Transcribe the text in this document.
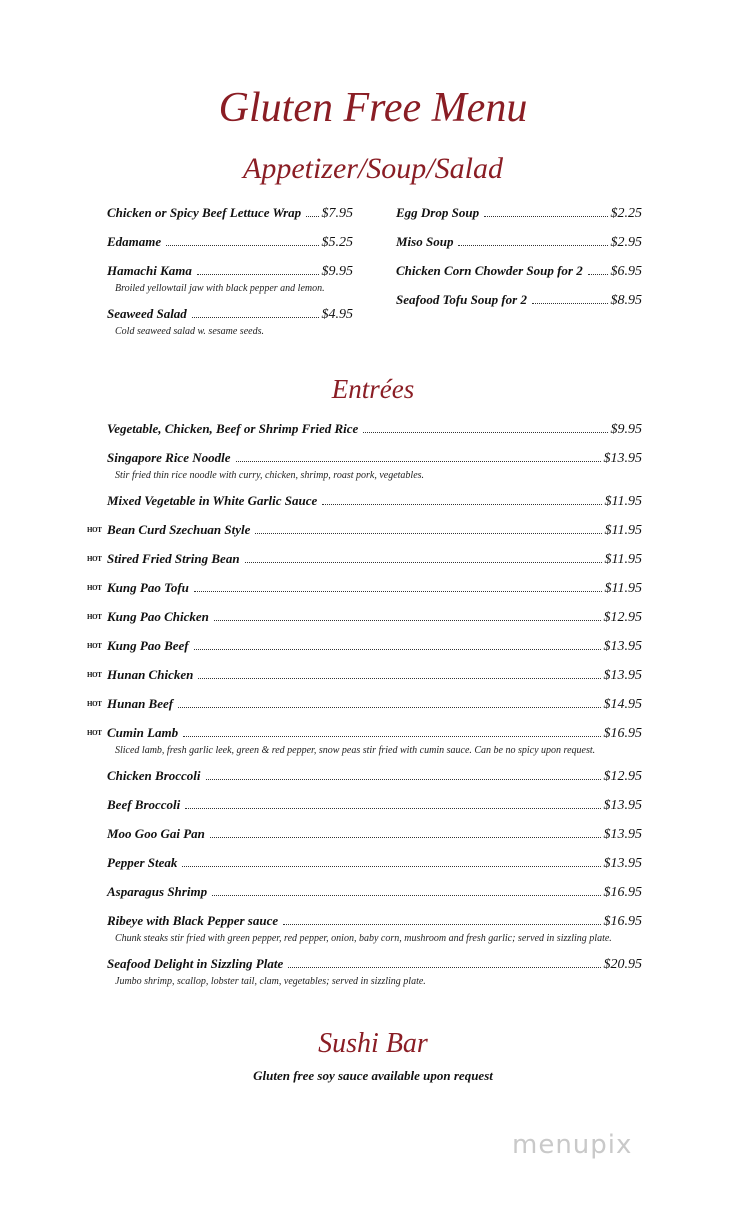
Gluten Free Menu
Appetizer/Soup/Salad
Chicken or Spicy Beef Lettuce Wrap $7.95
Edamame	$5.25
Hamachi Kama	$9.95
Broiled yellowtail jaw with black pepper and lemon.
Seaweed Salad	$4.95
Cold seaweed salad w. sesame seeds.
Egg Drop Soup	$2.25
Miso Soup	$2.95
Chicken Corn Chowder Soup for 2 $6.95
Seafood Tofu Soup for 2	$8.95
Entrées
Vegetable, Chicken, Beef or Shrimp Fried Rice	$9.95
Singapore Rice Noodle	$13.95
Stir fried thin rice noodle with curry, chicken, shrimp, roast pork, vegetables.
Mixed Vegetable in White Garlic Sauce	$11.95
HOT Bean Curd Szechuan Style	$11.95
HOT Stired Fried String Bean	$11.95
HOT Kung Pao Tofu	$11.95
HOT Kung Pao Chicken	$12.95
HOT Kung Pao Beef	$13.95
HOT Hunan Chicken	$13.95
HOT Hunan Beef	$14.95
HOT Cumin Lamb	$16.95
Sliced lamb, fresh garlic leek, green & red pepper, snow peas stir fried with cumin sauce. Can be no spicy upon request.
Chicken Broccoli	$12.95
Beef Broccoli	$13.95
Moo Goo Gai Pan	$13.95
Pepper Steak	$13.95
Asparagus Shrimp	$16.95
Ribeye with Black Pepper sauce	$16.95
Chunk steaks stir fried with green pepper, red pepper, onion, baby corn, mushroom and fresh garlic; served in sizzling plate.
Seafood Delight in Sizzling Plate	$20.95
Jumbo shrimp, scallop, lobster tail, clam, vegetables; served in sizzling plate.
Sushi Bar
Gluten free soy sauce available upon request
menupix
